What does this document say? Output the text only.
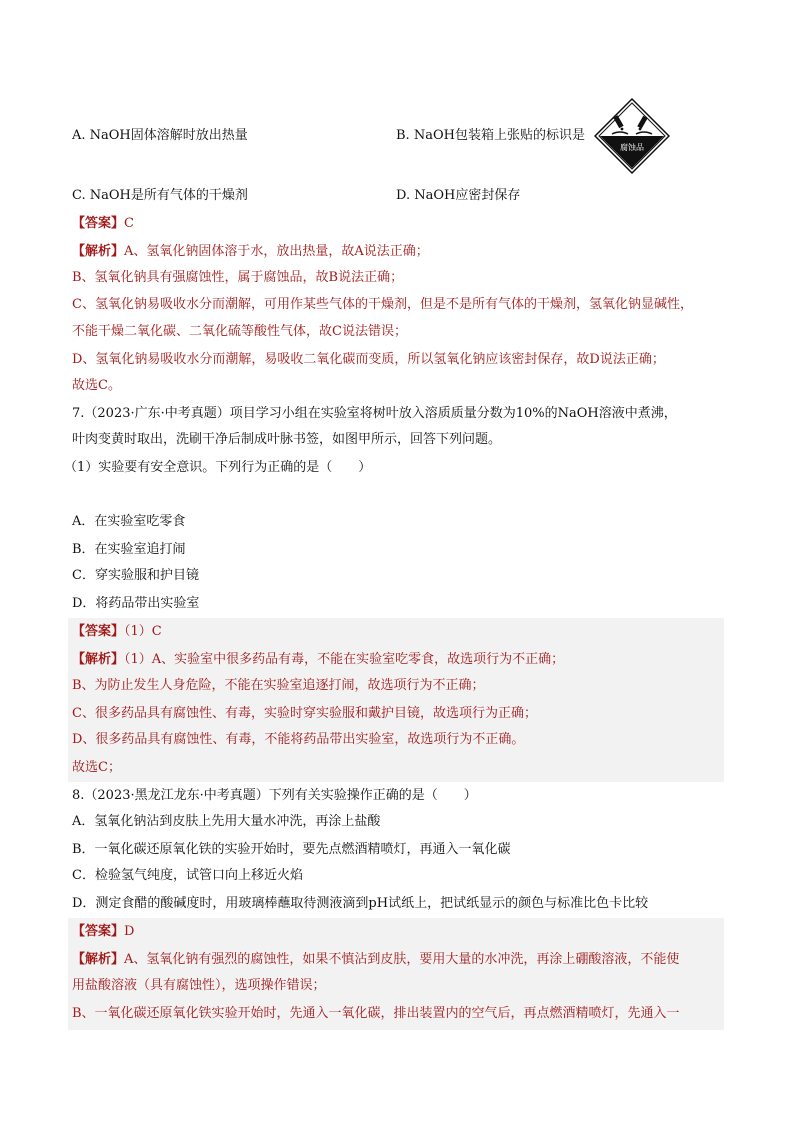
A. NaOH固体溶解时放出热量	B. NaOH包装箱上张贴的标识是
腐蚀品
C. NaOH是所有气体的干燥剂	D. NaOH应密封保存
【答案】C
【解析】A、氢氧化钠固体溶于水，放出热量，故A说法正确；
B、氢氧化钠具有强腐蚀性，属于腐蚀品，故B说法正确；
C、氢氧化钠易吸收水分而潮解，可用作某些气体的干燥剂，但是不是所有气体的干燥剂，氢氧化钠显碱性，
不能干燥二氧化碳、二氧化硫等酸性气体，故C说法错误；
D、氢氧化钠易吸收水分而潮解，易吸收二氧化碳而变质，所以氢氧化钠应该密封保存，故D说法正确；
故选C。
7.（2023·广东·中考真题）项目学习小组在实验室将树叶放入溶质质量分数为10%的NaOH溶液中煮沸，
叶肉变黄时取出，洗刷干净后制成叶脉书签，如图甲所示，回答下列问题。
（1）实验要有安全意识。下列行为正确的是（　　）
A．在实验室吃零食
B．在实验室追打闹
C．穿实验服和护目镜
D．将药品带出实验室
【答案】（1）C
【解析】（1）A、实验室中很多药品有毒，不能在实验室吃零食，故选项行为不正确；
B、为防止发生人身危险，不能在实验室追逐打闹，故选项行为不正确；
C、很多药品具有腐蚀性、有毒，实验时穿实验服和戴护目镜，故选项行为正确；
D、很多药品具有腐蚀性、有毒，不能将药品带出实验室，故选项行为不正确。
故选C；
8.（2023·黑龙江龙东·中考真题）下列有关实验操作正确的是（　　）
A．氢氧化钠沾到皮肤上先用大量水冲洗，再涂上盐酸
B．一氧化碳还原氧化铁的实验开始时，要先点燃酒精喷灯，再通入一氧化碳
C．检验氢气纯度，试管口向上移近火焰
D．测定食醋的酸碱度时，用玻璃棒蘸取待测液滴到pH试纸上，把试纸显示的颜色与标准比色卡比较
【答案】D
【解析】A、氢氧化钠有强烈的腐蚀性，如果不慎沾到皮肤，要用大量的水冲洗，再涂上硼酸溶液，不能使
用盐酸溶液（具有腐蚀性），选项操作错误；
B、一氧化碳还原氧化铁实验开始时，先通入一氧化碳，排出装置内的空气后，再点燃酒精喷灯，先通入一
